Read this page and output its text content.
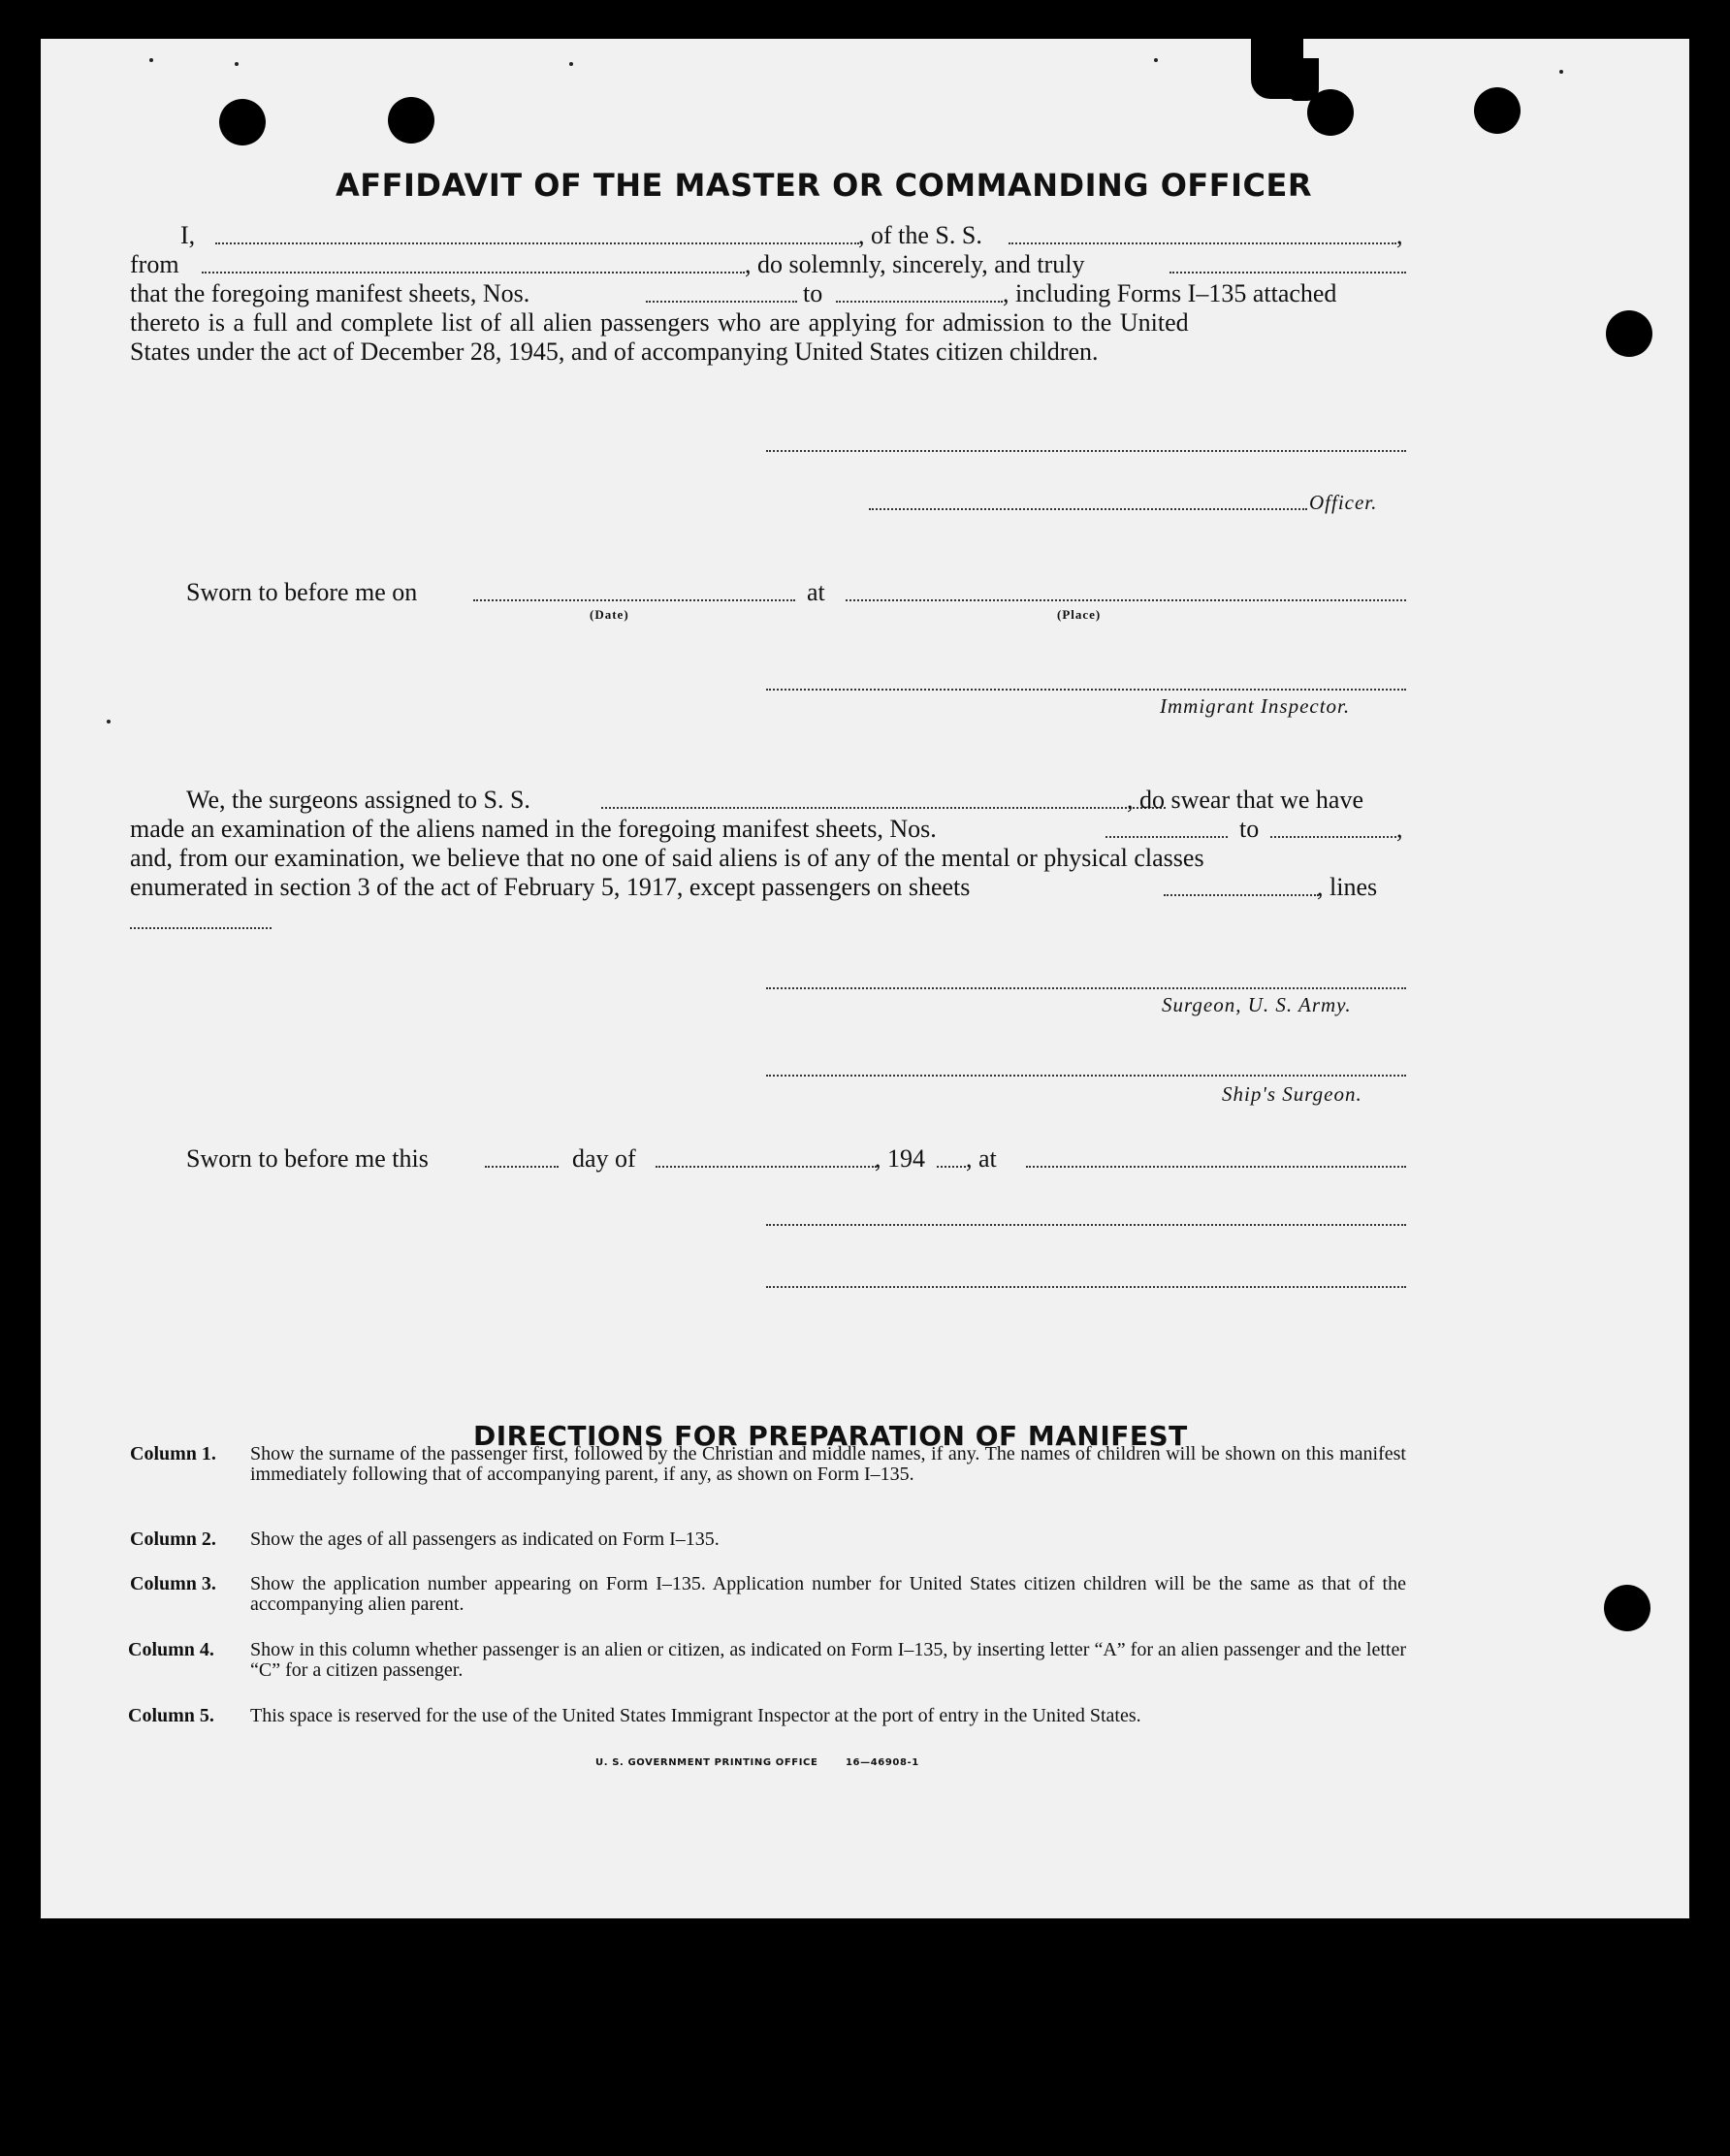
AFFIDAVIT OF THE MASTER OR COMMANDING OFFICER
I,	, of the S. S.	,
from	, do solemnly, sincerely, and truly
that the foregoing manifest sheets, Nos.	to	, including Forms I–135 attached
thereto is a full and complete list of all alien passengers who are applying for admission to the United
States under the act of December 28, 1945, and of accompanying United States citizen children.
Officer.
Sworn to before me on	at
(Date)	(Place)
Immigrant Inspector.
We, the surgeons assigned to S. S.	, do swear that we have
made an examination of the aliens named in the foregoing manifest sheets, Nos.	to	,
and, from our examination, we believe that no one of said aliens is of any of the mental or physical classes
enumerated in section 3 of the act of February 5, 1917, except passengers on sheets	, lines
Surgeon, U. S. Army.
Ship's Surgeon.
Sworn to before me this	day of	, 194 , at
DIRECTIONS FOR PREPARATION OF MANIFEST
Column 1. Show the surname of the passenger first, followed by the Christian and middle names, if any. The names of children will be shown on this manifest immediately following that of accompanying parent, if any, as shown on Form I–135.
Column 2. Show the ages of all passengers as indicated on Form I–135.
Column 3. Show the application number appearing on Form I–135. Application number for United States citizen children will be the same as that of the accompanying alien parent.
Column 4. Show in this column whether passenger is an alien or citizen, as indicated on Form I–135, by inserting letter “A” for an alien passenger and the letter “C” for a citizen passenger.
Column 5. This space is reserved for the use of the United States Immigrant Inspector at the port of entry in the United States.
U. S. GOVERNMENT PRINTING OFFICE	16—46908-1
